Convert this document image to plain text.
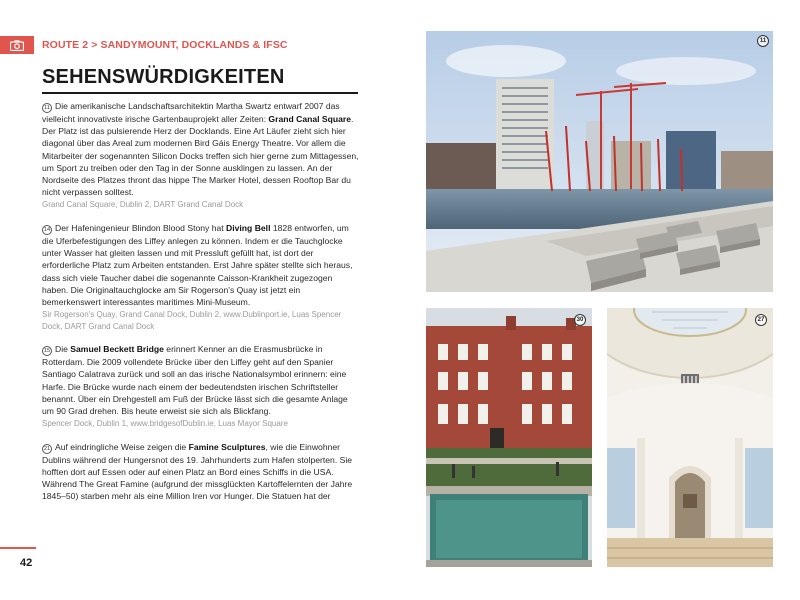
ROUTE 2 > SANDYMOUNT, DOCKLANDS & IFSC
SEHENSWÜRDIGKEITEN

11 Die amerikanische Landschaftsarchitektin Martha Swartz entwarf 2007 das vielleicht innovativste irische Gartenbauprojekt aller Zeiten: Grand Canal Square. Der Platz ist das pulsierende Herz der Docklands. Eine Art Läufer zieht sich hier diagonal über das Areal zum modernen Bird Gáis Energy Theatre. Vor allem die Mitarbeiter der sogenannten Silicon Docks treffen sich hier gerne zum Mittagessen, um Sport zu treiben oder den Tag in der Sonne ausklingen zu lassen. An der Nordseite des Platzes thront das hippe The Marker Hotel, dessen Rooftop Bar du nicht verpassen solltest.

Grand Canal Square, Dublin 2, DART Grand Canal Dock

14 Der Hafeningenieur Blindon Blood Stony hat Diving Bell 1828 entworfen, um die Uferbefestigungen des Liffey anlegen zu können. Indem er die Tauchglocke unter Wasser hat gleiten lassen und mit Pressluft gefüllt hat, ist dort der erforderliche Platz zum Arbeiten entstanden. Erst Jahre später stellte sich heraus, dass sich viele Taucher dabei die sogenannte Caisson-Krankheit zugezogen haben. Die Originaltauchglocke am Sir Rogerson's Quay ist jetzt ein bemerkenswert interessantes maritimes Mini-Museum.

Sir Rogerson's Quay, Grand Canal Dock, Dublin 2, www.Dublinport.ie, Luas Spencer Dock, DART Grand Canal Dock

15 Die Samuel Beckett Bridge erinnert Kenner an die Erasmusbrücke in Rotterdam. Die 2009 vollendete Brücke über den Liffey geht auf den Spanier Santiago Calatrava zurück und soll an das irische Nationalsymbol erinnern: eine Harfe. Die Brücke wurde nach einem der bedeutendsten irischen Schriftsteller benannt. Über ein Drehgestell am Fuß der Brücke lässt sich die gesamte Anlage um 90 Grad drehen. Bis heute erweist sie sich als Blickfang.

Spencer Dock, Dublin 1, www.bridgesofDublin.ie, Luas Mayor Square

21 Auf eindringliche Weise zeigen die Famine Sculptures, wie die Einwohner Dublins während der Hungersnot des 19. Jahrhunderts zum Hafen stolperten. Sie hofften dort auf Essen oder auf einen Platz an Bord eines Schiffs in die USA. Während The Great Famine (aufgrund der missglückten Kartoffelernten der Jahre 1845–50) starben mehr als eine Million Iren vor Hunger. Die Statuen hat der

42
11
30	27
